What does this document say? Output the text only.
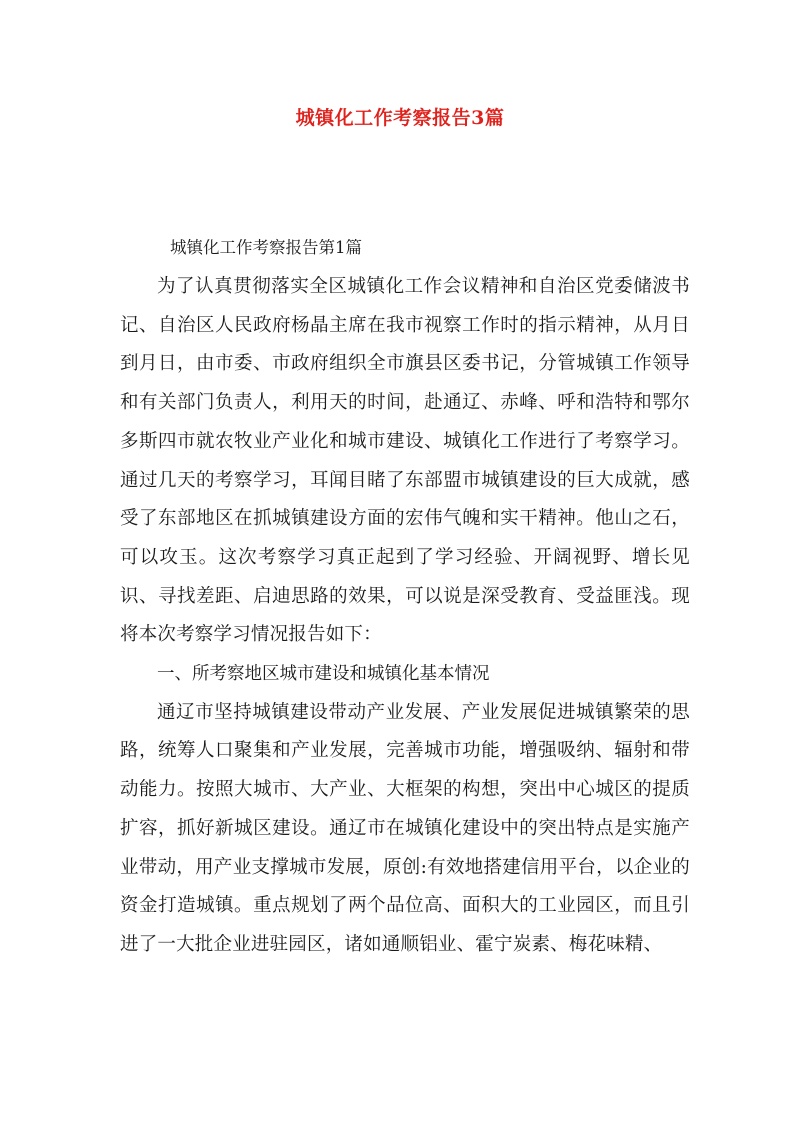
城镇化工作考察报告3篇
城镇化工作考察报告第1篇

为了认真贯彻落实全区城镇化工作会议精神和自治区党委储波书记、自治区人民政府杨晶主席在我市视察工作时的指示精神，从月日到月日，由市委、市政府组织全市旗县区委书记，分管城镇工作领导和有关部门负责人，利用天的时间，赴通辽、赤峰、呼和浩特和鄂尔多斯四市就农牧业产业化和城市建设、城镇化工作进行了考察学习。通过几天的考察学习，耳闻目睹了东部盟市城镇建设的巨大成就，感受了东部地区在抓城镇建设方面的宏伟气魄和实干精神。他山之石，可以攻玉。这次考察学习真正起到了学习经验、开阔视野、增长见识、寻找差距、启迪思路的效果，可以说是深受教育、受益匪浅。现将本次考察学习情况报告如下：

一、所考察地区城市建设和城镇化基本情况

通辽市坚持城镇建设带动产业发展、产业发展促进城镇繁荣的思路，统筹人口聚集和产业发展，完善城市功能，增强吸纳、辐射和带动能力。按照大城市、大产业、大框架的构想，突出中心城区的提质扩容，抓好新城区建设。通辽市在城镇化建设中的突出特点是实施产业带动，用产业支撑城市发展，原创:有效地搭建信用平台，以企业的资金打造城镇。重点规划了两个品位高、面积大的工业园区，而且引进了一大批企业进驻园区，诸如通顺铝业、霍宁炭素、梅花味精、
